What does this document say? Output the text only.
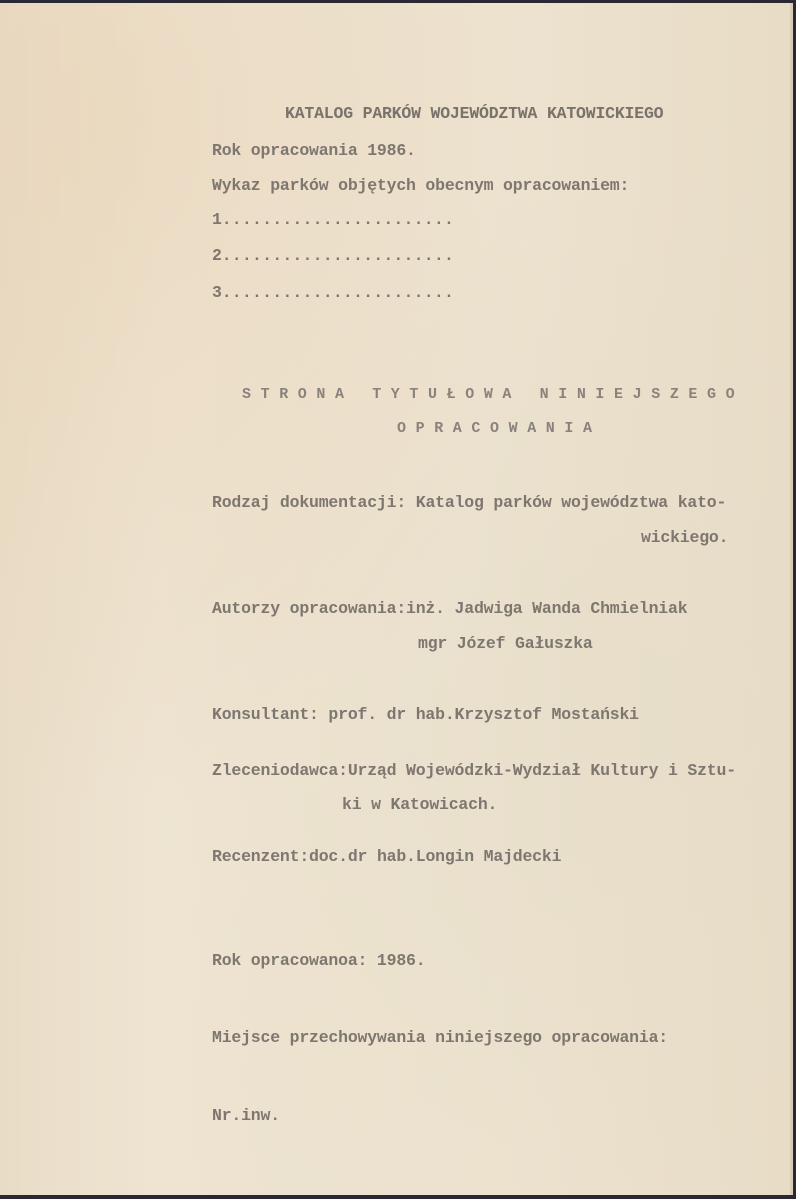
KATALOG PARKÓW WOJEWÓDZTWA KATOWICKIEGO
Rok opracowania 1986.
Wykaz parków objętych obecnym opracowaniem:
1.......................
2.......................
3.......................
STRONA TYTUŁOWA NINIEJSZEGO
OPRACOWANIA
Rodzaj dokumentacji: Katalog parków województwa kato-
wickiego.
Autorzy opracowania:inż. Jadwiga Wanda Chmielniak
mgr Józef Gałuszka
Konsultant: prof. dr hab.Krzysztof Mostański
Zleceniodawca:Urząd Wojewódzki-Wydział Kultury i Sztu-
ki w Katowicach.
Recenzent:doc.dr hab.Longin Majdecki
Rok opracowanoa: 1986.
Miejsce przechowywania niniejszego opracowania:
Nr.inw.
